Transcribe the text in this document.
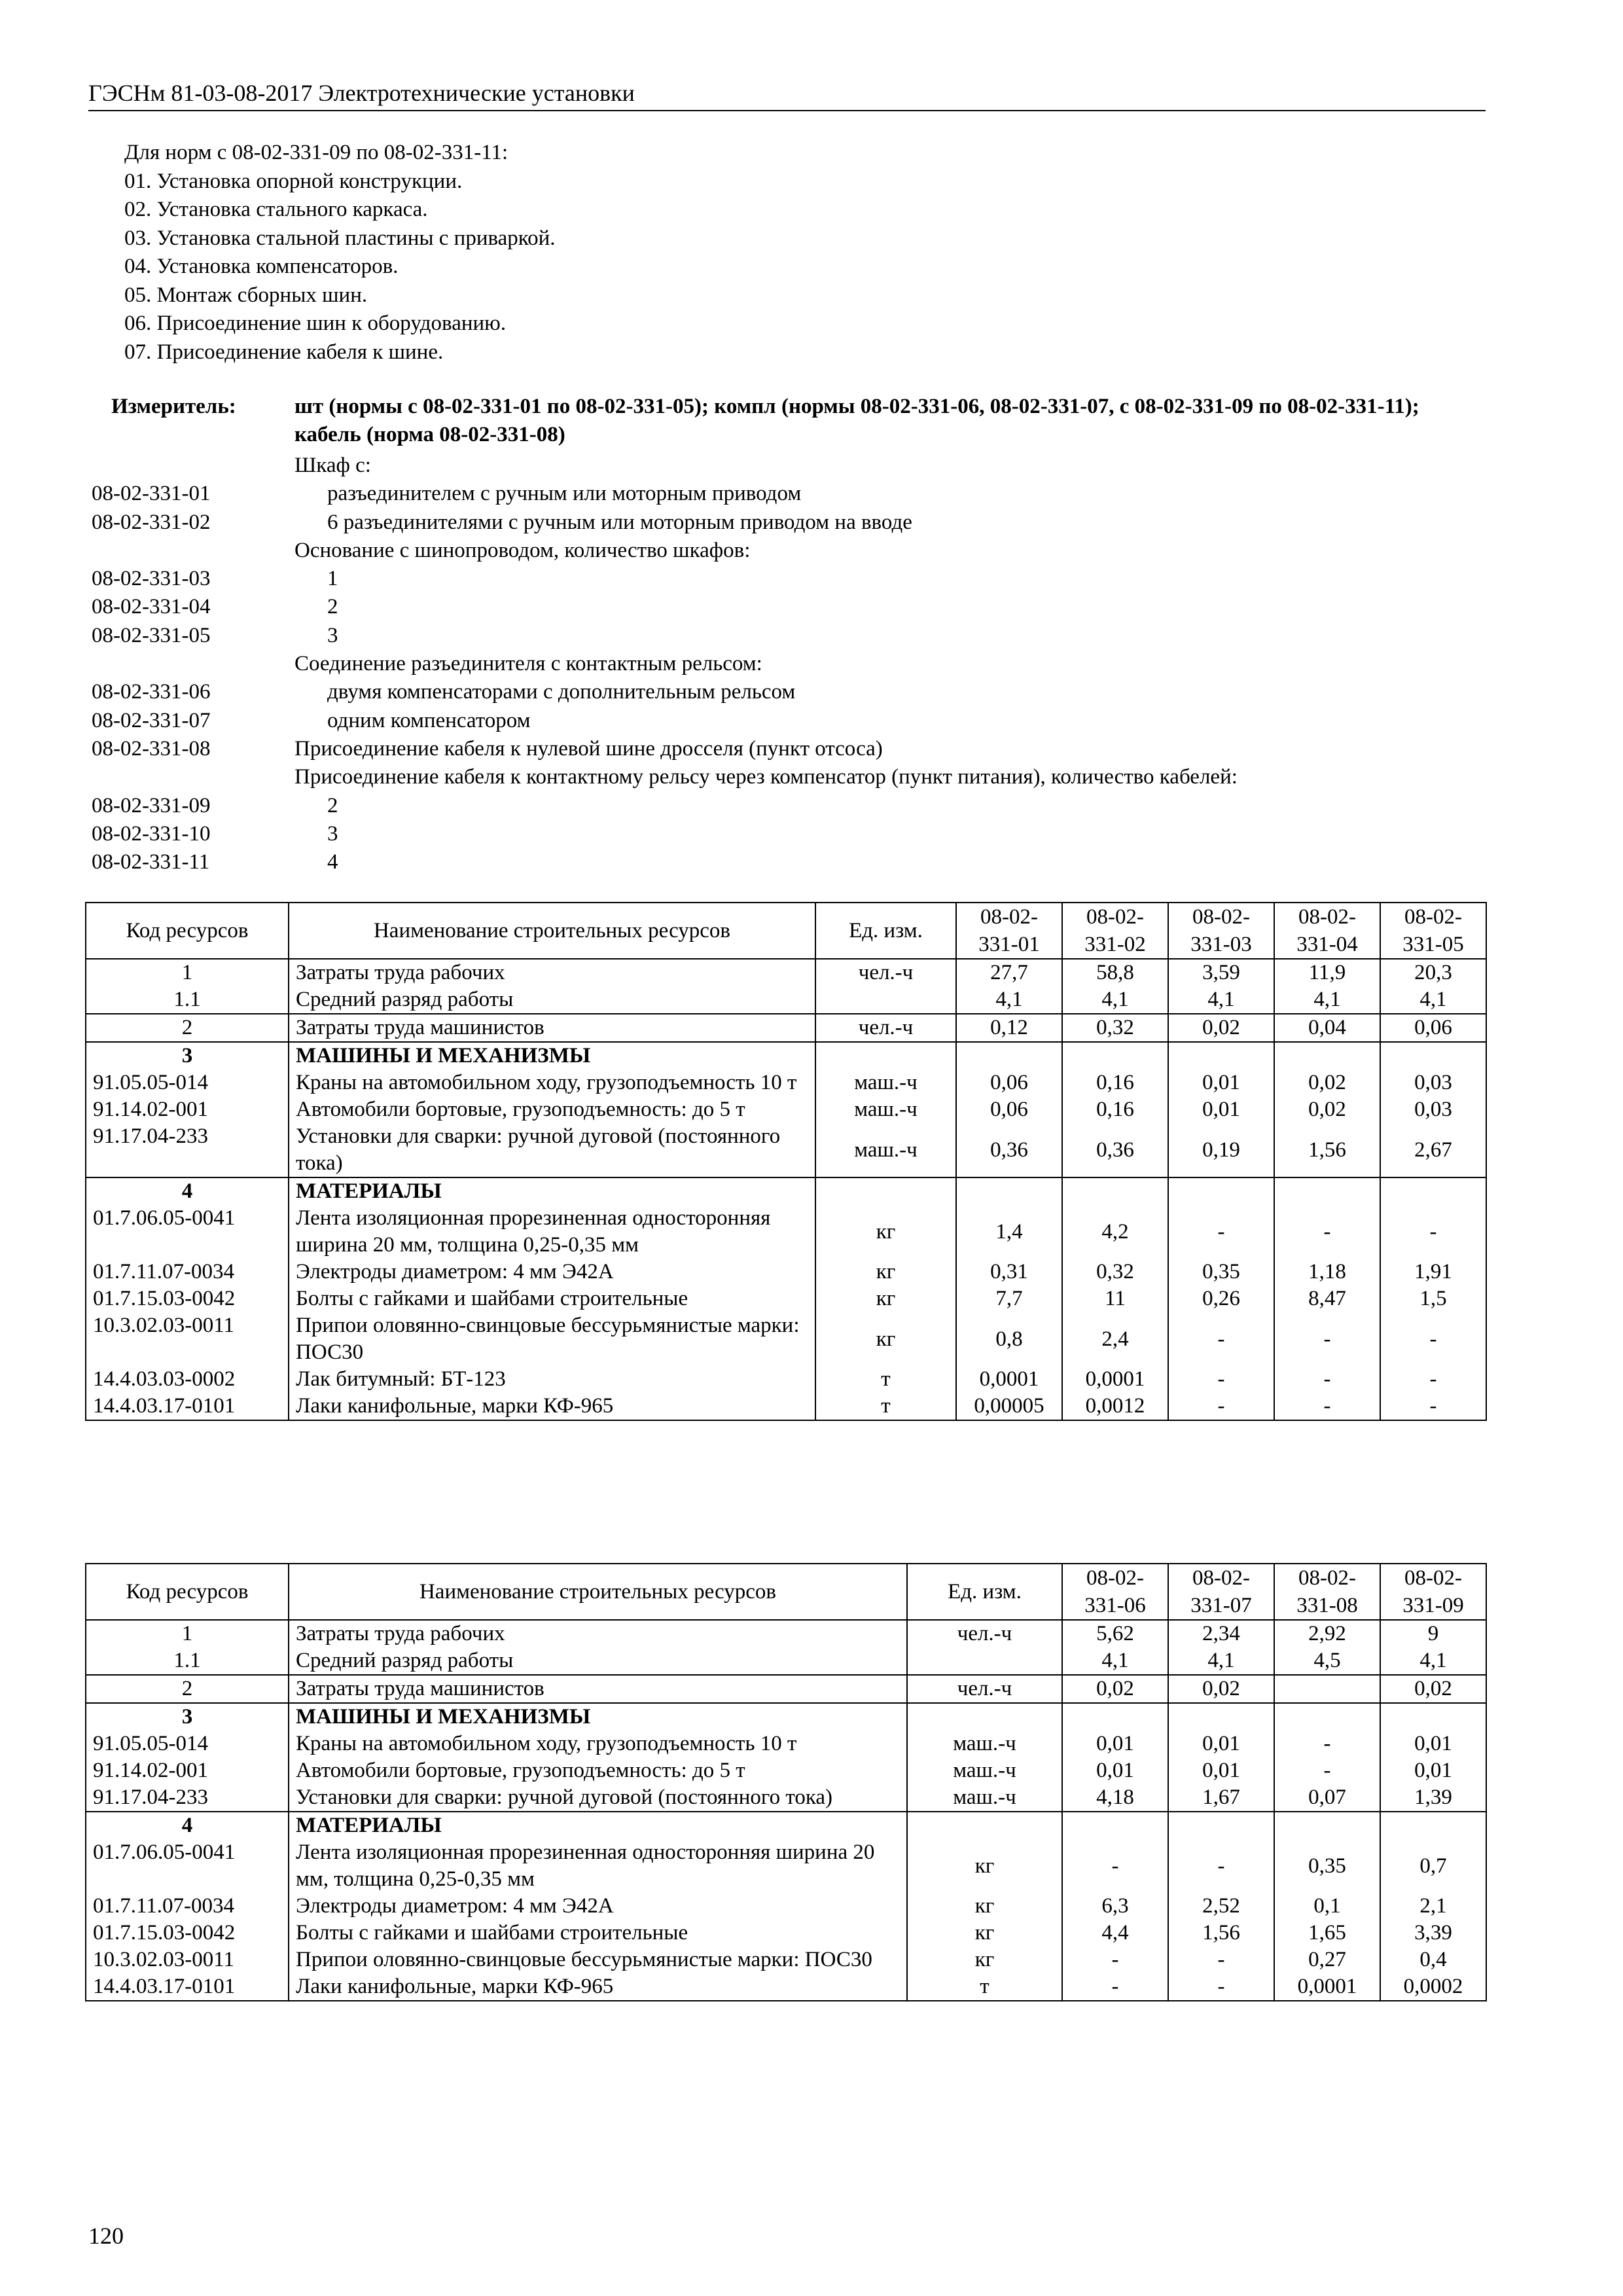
ГЭСНм 81-03-08-2017 Электротехнические установки
Для норм с 08-02-331-09 по 08-02-331-11:
01. Установка опорной конструкции.
02. Установка стального каркаса.
03. Установка стальной пластины с приваркой.
04. Установка компенсаторов.
05. Монтаж сборных шин.
06. Присоединение шин к оборудованию.
07. Присоединение кабеля к шине.
Измеритель:	шт (нормы с 08-02-331-01 по 08-02-331-05); компл (нормы 08-02-331-06, 08-02-331-07, с 08-02-331-09 по 08-02-331-11); кабель (норма 08-02-331-08)
Шкаф с:
08-02-331-01	разъединителем с ручным или моторным приводом
08-02-331-02	6 разъединителями с ручным или моторным приводом на вводе
Основание с шинопроводом, количество шкафов:
08-02-331-03	1
08-02-331-04	2
08-02-331-05	3
Соединение разъединителя с контактным рельсом:
08-02-331-06	двумя компенсаторами с дополнительным рельсом
08-02-331-07	одним компенсатором
08-02-331-08	Присоединение кабеля к нулевой шине дросселя (пункт отсоса)
Присоединение кабеля к контактному рельсу через компенсатор (пункт питания), количество кабелей:
08-02-331-09	2
08-02-331-10	3
08-02-331-11	4
Код ресурсов	Наименование строительных ресурсов	Ед. изм.	08-02-331-01	08-02-331-02	08-02-331-03	08-02-331-04	08-02-331-05
1	Затраты труда рабочих	чел.-ч	27,7	58,8	3,59	11,9	20,3
1.1	Средний разряд работы		4,1	4,1	4,1	4,1	4,1
2	Затраты труда машинистов	чел.-ч	0,12	0,32	0,02	0,04	0,06
3	МАШИНЫ И МЕХАНИЗМЫ						
91.05.05-014	Краны на автомобильном ходу, грузоподъемность 10 т	маш.-ч	0,06	0,16	0,01	0,02	0,03
91.14.02-001	Автомобили бортовые, грузоподъемность: до 5 т	маш.-ч	0,06	0,16	0,01	0,02	0,03
91.17.04-233	Установки для сварки: ручной дуговой (постоянного тока)	маш.-ч	0,36	0,36	0,19	1,56	2,67
4	МАТЕРИАЛЫ						
01.7.06.05-0041	Лента изоляционная прорезиненная односторонняя ширина 20 мм, толщина 0,25-0,35 мм	кг	1,4	4,2	-	-	-
01.7.11.07-0034	Электроды диаметром: 4 мм Э42А	кг	0,31	0,32	0,35	1,18	1,91
01.7.15.03-0042	Болты с гайками и шайбами строительные	кг	7,7	11	0,26	8,47	1,5
10.3.02.03-0011	Припои оловянно-свинцовые бессурьмянистые марки: ПОС30	кг	0,8	2,4	-	-	-
14.4.03.03-0002	Лак битумный: БТ-123	т	0,0001	0,0001	-	-	-
14.4.03.17-0101	Лаки канифольные, марки КФ-965	т	0,00005	0,0012	-	-	-
Код ресурсов	Наименование строительных ресурсов	Ед. изм.	08-02-331-06	08-02-331-07	08-02-331-08	08-02-331-09
1	Затраты труда рабочих	чел.-ч	5,62	2,34	2,92	9
1.1	Средний разряд работы		4,1	4,1	4,5	4,1
2	Затраты труда машинистов	чел.-ч	0,02	0,02		0,02
3	МАШИНЫ И МЕХАНИЗМЫ					
91.05.05-014	Краны на автомобильном ходу, грузоподъемность 10 т	маш.-ч	0,01	0,01	-	0,01
91.14.02-001	Автомобили бортовые, грузоподъемность: до 5 т	маш.-ч	0,01	0,01	-	0,01
91.17.04-233	Установки для сварки: ручной дуговой (постоянного тока)	маш.-ч	4,18	1,67	0,07	1,39
4	МАТЕРИАЛЫ					
01.7.06.05-0041	Лента изоляционная прорезиненная односторонняя ширина 20 мм, толщина 0,25-0,35 мм	кг	-	-	0,35	0,7
01.7.11.07-0034	Электроды диаметром: 4 мм Э42А	кг	6,3	2,52	0,1	2,1
01.7.15.03-0042	Болты с гайками и шайбами строительные	кг	4,4	1,56	1,65	3,39
10.3.02.03-0011	Припои оловянно-свинцовые бессурьмянистые марки: ПОС30	кг	-	-	0,27	0,4
14.4.03.17-0101	Лаки канифольные, марки КФ-965	т	-	-	0,0001	0,0002
120
